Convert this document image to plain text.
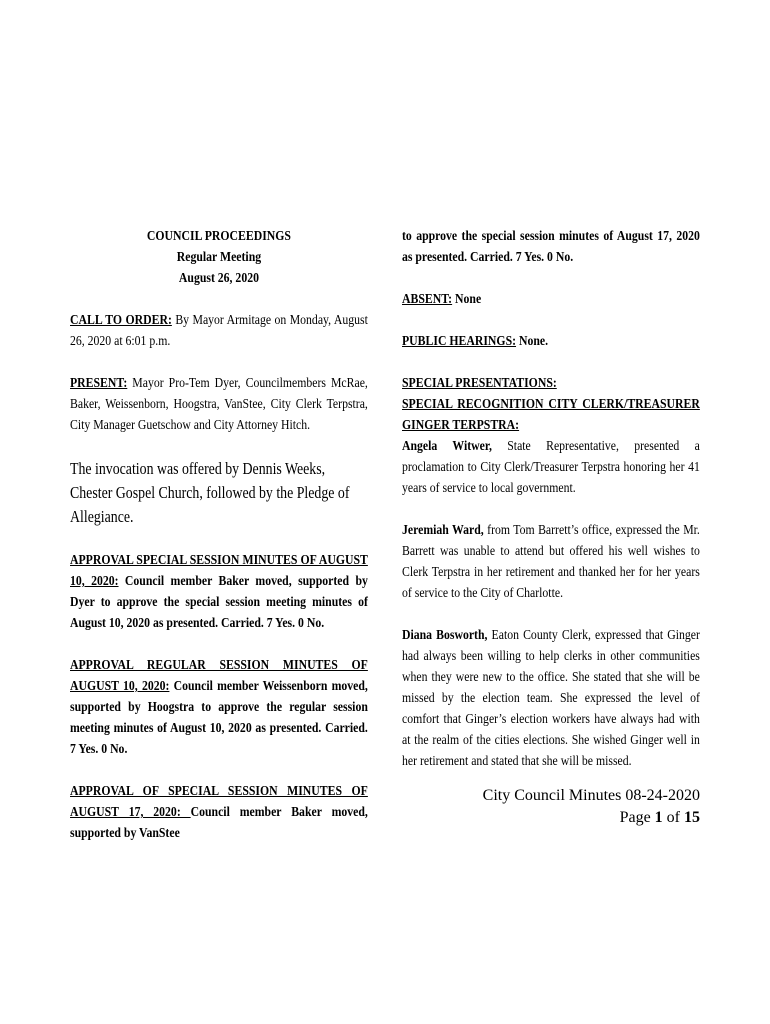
COUNCIL PROCEEDINGS

Regular Meeting

August 26, 2020

CALL TO ORDER: By Mayor Armitage on Monday, August 26, 2020 at 6:01 p.m.

PRESENT: Mayor Pro-Tem Dyer, Councilmembers McRae, Baker, Weissenborn, Hoogstra, VanStee, City Clerk Terpstra, City Manager Guetschow and City Attorney Hitch.

The invocation was offered by Dennis Weeks, Chester Gospel Church, followed by the Pledge of Allegiance.

APPROVAL SPECIAL SESSION MINUTES OF AUGUST 10, 2020: Council member Baker moved, supported by Dyer to approve the special session meeting minutes of August 10, 2020 as presented. Carried. 7 Yes. 0 No.

APPROVAL REGULAR SESSION MINUTES OF AUGUST 10, 2020: Council member Weissenborn moved, supported by Hoogstra to approve the regular session meeting minutes of August 10, 2020 as presented. Carried. 7 Yes. 0 No.

APPROVAL OF SPECIAL SESSION MINUTES OF AUGUST 17, 2020: Council member Baker moved, supported by VanStee

to approve the special session minutes of August 17, 2020 as presented. Carried. 7 Yes. 0 No.

ABSENT: None

PUBLIC HEARINGS: None.

SPECIAL PRESENTATIONS:

SPECIAL RECOGNITION CITY CLERK/TREASURER GINGER TERPSTRA:

Angela Witwer, State Representative, presented a proclamation to City Clerk/Treasurer Terpstra honoring her 41 years of service to local government.

Jeremiah Ward, from Tom Barrett’s office, expressed the Mr. Barrett was unable to attend but offered his well wishes to Clerk Terpstra in her retirement and thanked her for her years of service to the City of Charlotte.

Diana Bosworth, Eaton County Clerk, expressed that Ginger had always been willing to help clerks in other communities when they were new to the office. She stated that she will be missed by the election team. She expressed the level of comfort that Ginger’s election workers have always had with at the realm of the cities elections. She wished Ginger well in her retirement and stated that she will be missed.

City Council Minutes 08-24-2020
Page 1 of 15
